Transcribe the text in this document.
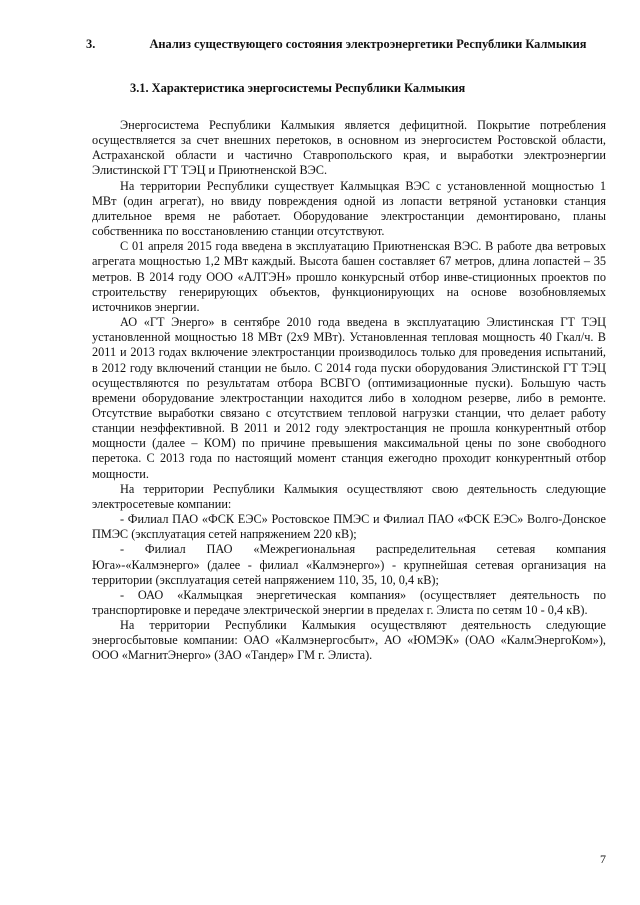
3.	Анализ существующего состояния электроэнергетики Республики Калмыкия
3.1. Характеристика энергосистемы Республики Калмыкия

Энергосистема Республики Калмыкия является дефицитной. Покрытие потребления осуществляется за счет внешних перетоков, в основном из энергосистем Ростовской области, Астраханской области и частично Ставропольского края, и выработки электроэнергии Элистинской ГТ ТЭЦ и Приютненской ВЭС.

На территории Республики существует Калмыцкая ВЭС с установленной мощностью 1 МВт (один агрегат), но ввиду повреждения одной из лопасти ветряной установки станция длительное время не работает. Оборудование электростанции демонтировано, планы собственника по восстановлению станции отсутствуют.

С 01 апреля 2015 года введена в эксплуатацию Приютненская ВЭС. В работе два ветровых агрегата мощностью 1,2 МВт каждый. Высота башен составляет 67 метров, длина лопастей – 35 метров. В 2014 году ООО «АЛТЭН» прошло конкурсный отбор инве-стиционных проектов по строительству генерирующих объектов, функционирующих на основе возобновляемых источников энергии.

АО «ГТ Энерго» в сентябре 2010 года введена в эксплуатацию Элистинская ГТ ТЭЦ установленной мощностью 18 МВт (2х9 МВт). Установленная тепловая мощность 40 Гкал/ч. В 2011 и 2013 годах включение электростанции производилось только для проведения испытаний, в 2012 году включений станции не было. С 2014 года пуски оборудования Элистинской ГТ ТЭЦ осуществляются по результатам отбора ВСВГО (оптимизационные пуски). Большую часть времени оборудование электростанции находится либо в холодном резерве, либо в ремонте. Отсутствие выработки связано с отсутствием тепловой нагрузки станции, что делает работу станции неэффективной. В 2011 и 2012 году электростанция не прошла конкурентный отбор мощности (далее – КОМ) по причине превышения максимальной цены по зоне свободного перетока. С 2013 года по настоящий момент станция ежегодно проходит конкурентный отбор мощности.

На территории Республики Калмыкия осуществляют свою деятельность следующие электросетевые компании:

- Филиал ПАО «ФСК ЕЭС» Ростовское ПМЭС и Филиал ПАО «ФСК ЕЭС» Волго-Донское ПМЭС (эксплуатация сетей напряжением 220 кВ);

- Филиал ПАО «Межрегиональная распределительная сетевая компания Юга»-«Калмэнерго» (далее - филиал «Калмэнерго») - крупнейшая сетевая организация на территории (эксплуатация сетей напряжением 110, 35, 10, 0,4 кВ);

- ОАО «Калмыцкая энергетическая компания» (осуществляет деятельность по транспортировке и передаче электрической энергии в пределах г. Элиста по сетям 10 - 0,4 кВ).

На территории Республики Калмыкия осуществляют деятельность следующие энергосбытовые компании: ОАО «Калмэнергосбыт», АО «ЮМЭК» (ОАО «КалмЭнергоКом»), ООО «МагнитЭнерго» (ЗАО «Тандер» ГМ г. Элиста).

7
